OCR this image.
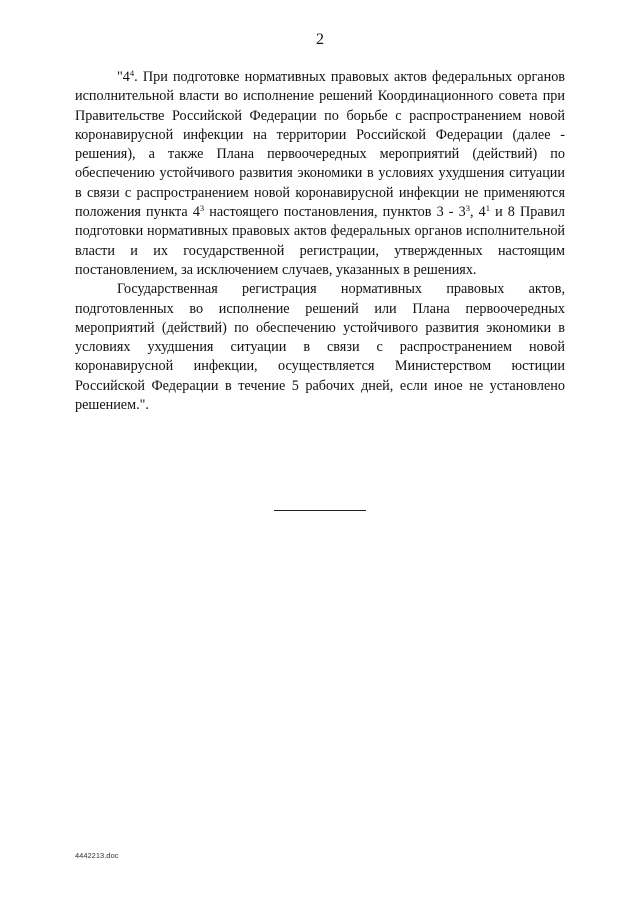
2

"$4^4$. При подготовке нормативных правовых актов федеральных органов исполнительной власти во исполнение решений Координационного совета при Правительстве Российской Федерации по борьбе с распространением новой коронавирусной инфекции на территории Российской Федерации (далее - решения), а также Плана первоочередных мероприятий (действий) по обеспечению устойчивого развития экономики в условиях ухудшения ситуации в связи с распространением новой коронавирусной инфекции не применяются положения пункта $4^3$ настоящего постановления, пунктов $3 - 3^3$, $4^1$ и 8 Правил подготовки нормативных правовых актов федеральных органов исполнительной власти и их государственной регистрации, утвержденных настоящим постановлением, за исключением случаев, указанных в решениях.

Государственная регистрация нормативных правовых актов, подготовленных во исполнение решений или Плана первоочередных мероприятий (действий) по обеспечению устойчивого развития экономики в условиях ухудшения ситуации в связи с распространением новой коронавирусной инфекции, осуществляется Министерством юстиции Российской Федерации в течение 5 рабочих дней, если иное не установлено решением.".

4442213.doc
